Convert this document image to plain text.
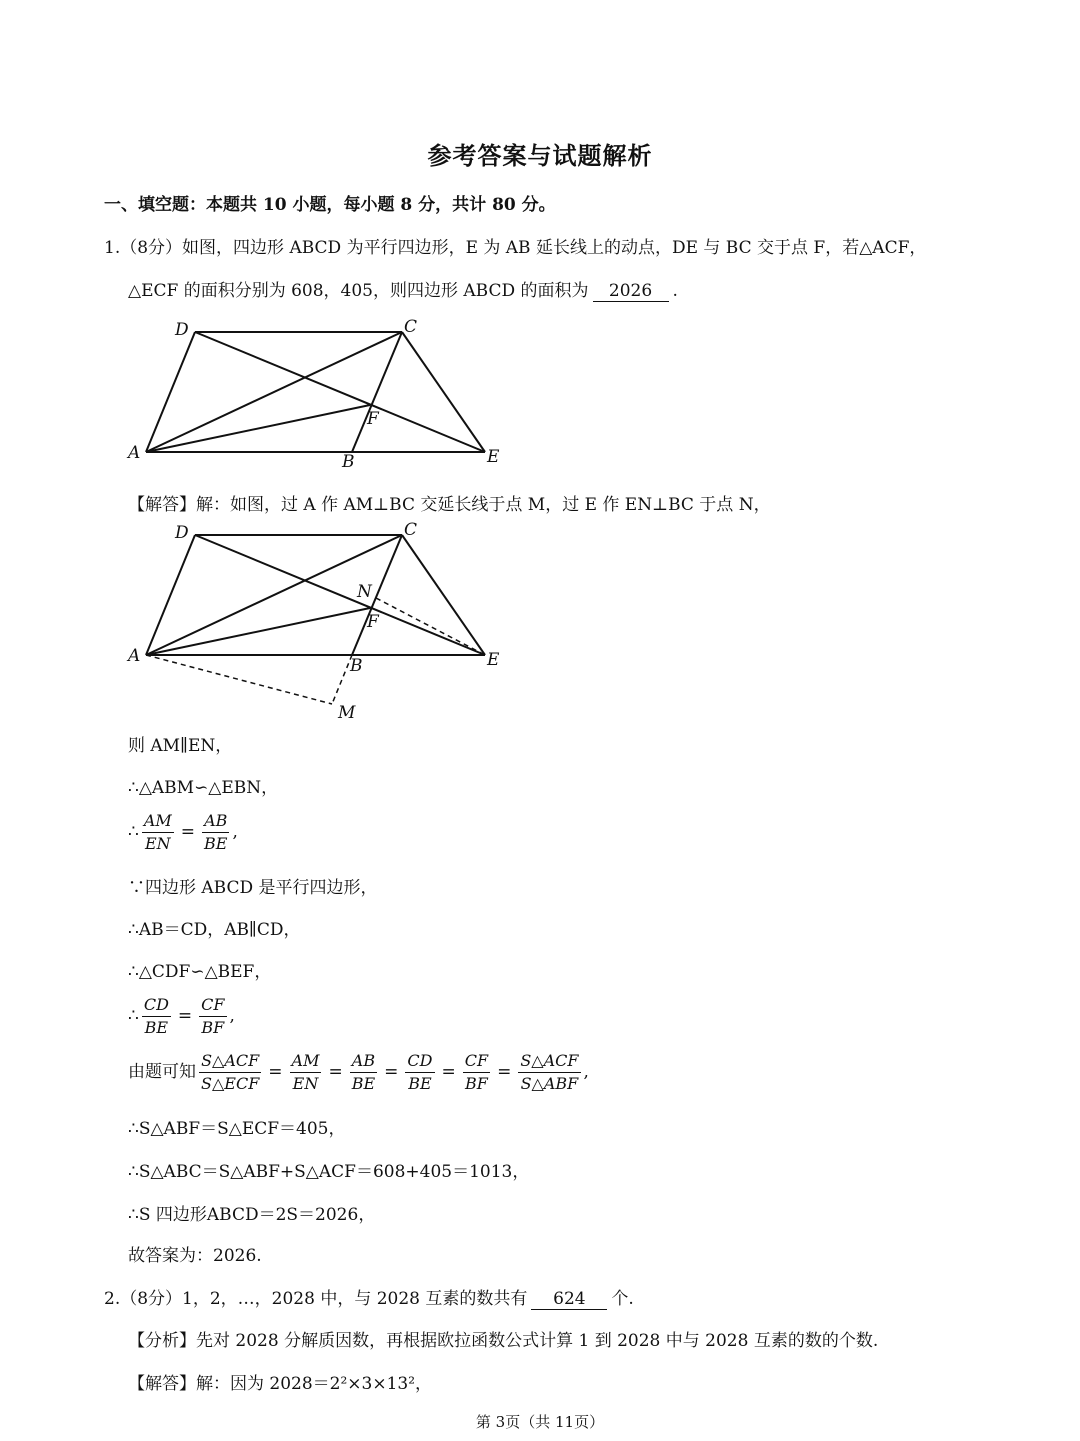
参考答案与试题解析
一、填空题：本题共 10 小题，每小题 8 分，共计 80 分。
1.（8分）如图，四边形 ABCD 为平行四边形，E 为 AB 延长线上的动点，DE 与 BC 交于点 F，若△ACF，
△ECF 的面积分别为 608，405，则四边形 ABCD 的面积为 2026 .
D	C
A	B	E
F
【解答】解：如图，过 A 作 AM⊥BC 交延长线于点 M，过 E 作 EN⊥BC 于点 N，
D	C
A	B	E
F
N
M
则 AM∥EN，
∴△ABM∽△EBN，
∴ $\frac{AM}{EN} = \frac{AB}{BE}$ ,
∵四边形 ABCD 是平行四边形，
∴AB＝CD，AB∥CD，
∴△CDF∽△BEF，
∴ $\frac{CD}{BE} = \frac{CF}{BF}$ ,
由题可知 $\frac{\text{S△ACF}}{\text{S△ECF}} = \frac{AM}{EN} = \frac{AB}{BE} = \frac{CD}{BE} = \frac{CF}{BF} = \frac{\text{S△ACF}}{\text{S△ABF}}$ ,
∴S△ABF＝S△ECF＝405，
∴S△ABC＝S△ABF+S△ACF＝608+405＝1013，
∴S 四边形ABCD＝2S＝2026，
故答案为：2026.
2.（8分）1，2，…，2028 中，与 2028 互素的数共有 624 个.
【分析】先对 2028 分解质因数，再根据欧拉函数公式计算 1 到 2028 中与 2028 互素的数的个数.
【解答】解：因为 2028＝2²×3×13²，
第 3页（共 11页）
